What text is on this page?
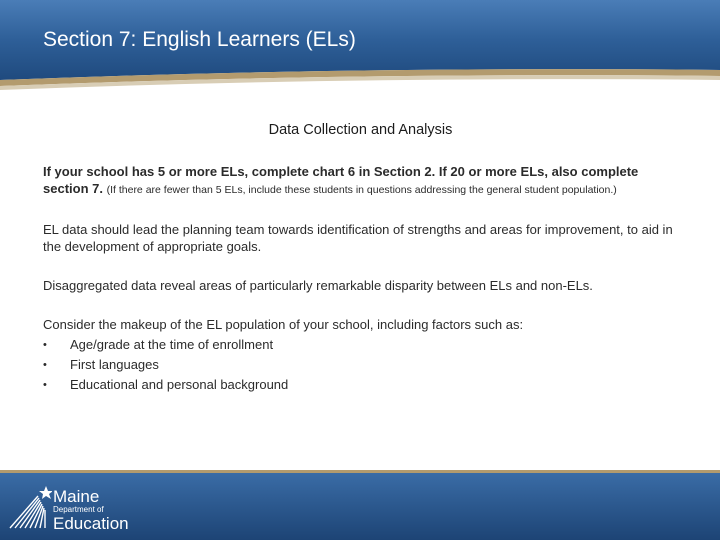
Section 7: English Learners (ELs)

Data Collection and Analysis

If your school has 5 or more ELs, complete chart 6 in Section 2. If 20 or more ELs, also complete section 7. (If there are fewer than 5 ELs, include these students in questions addressing the general student population.)

EL data should lead the planning team towards identification of strengths and areas for improvement, to aid in the development of appropriate goals.

Disaggregated data reveal areas of particularly remarkable disparity between ELs and non-ELs.

Consider the makeup of the EL population of your school, including factors such as:

• Age/grade at the time of enrollment
• First languages
• Educational and personal background
Maine
Department of
Education
